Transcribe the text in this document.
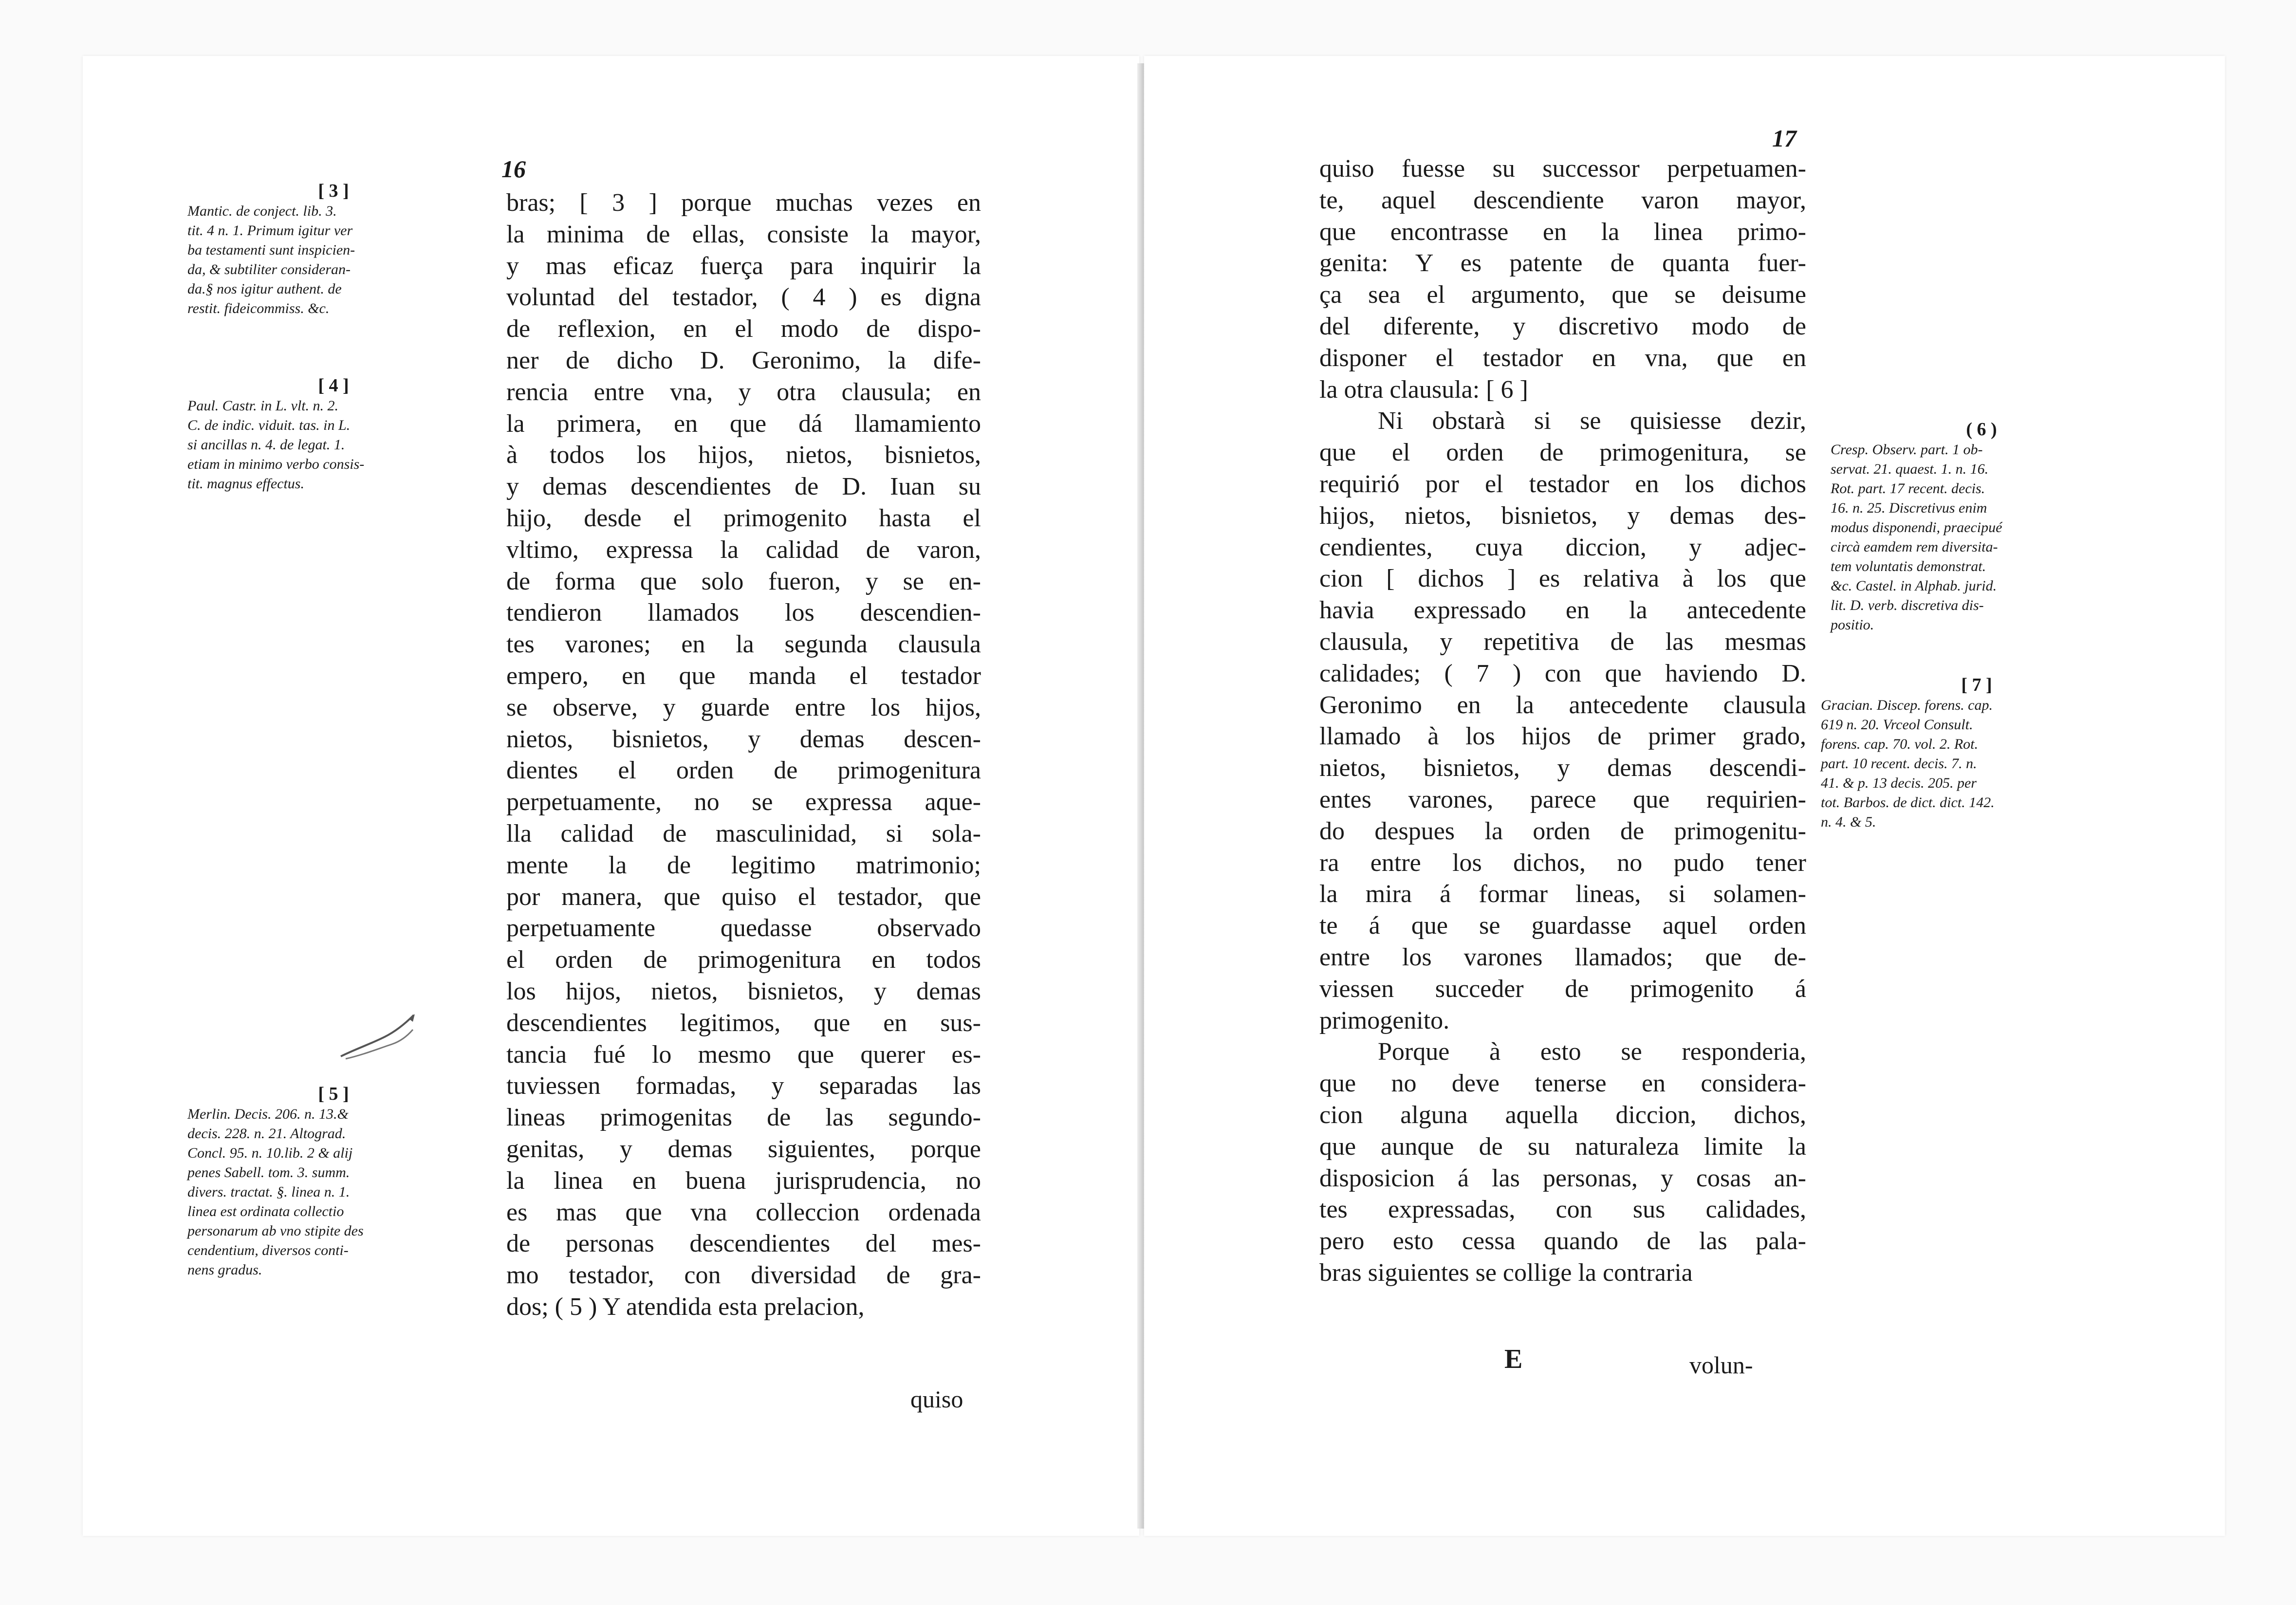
16
[ 3 ]
Mantic. de conject. lib. 3.
tit. 4 n. 1. Primum igitur ver
ba testamenti sunt inspicien-
da, & subtiliter consideran-
da.§ nos igitur authent. de
restit. fideicommiss. &c.
[ 4 ]
Paul. Castr. in L. vlt. n. 2.
C. de indic. viduit. tas. in L.
si ancillas n. 4. de legat. 1.
etiam in minimo verbo consis-
tit. magnus effectus.
[ 5 ]
Merlin. Decis. 206. n. 13.&
decis. 228. n. 21. Altograd.
Concl. 95. n. 10.lib. 2 & alij
penes Sabell. tom. 3. summ.
divers. tractat. §. linea n. 1.
linea est ordinata collectio
personarum ab vno stipite des
cendentium, diversos conti-
nens gradus.
bras; [ 3 ] porque muchas vezes en
la minima de ellas, consiste la mayor,
y mas eficaz fuerça para inquirir la
voluntad del testador, ( 4 ) es digna
de reflexion, en el modo de dispo-
ner de dicho D. Geronimo, la dife-
rencia entre vna, y otra clausula; en
la primera, en que dá llamamiento
à todos los hijos, nietos, bisnietos,
y demas descendientes de D. Iuan su
hijo, desde el primogenito hasta el
vltimo, expressa la calidad de varon,
de forma que solo fueron, y se en-
tendieron llamados los descendien-
tes varones; en la segunda clausula
empero, en que manda el testador
se observe, y guarde entre los hijos,
nietos, bisnietos, y demas descen-
dientes el orden de primogenitura
perpetuamente, no se expressa aque-
lla calidad de masculinidad, si sola-
mente la de legitimo matrimonio;
por manera, que quiso el testador, que
perpetuamente quedasse observado
el orden de primogenitura en todos
los hijos, nietos, bisnietos, y demas
descendientes legitimos, que en sus-
tancia fué lo mesmo que querer es-
tuviessen formadas, y separadas las
lineas primogenitas de las segundo-
genitas, y demas siguientes, porque
la linea en buena jurisprudencia, no
es mas que vna colleccion ordenada
de personas descendientes del mes-
mo testador, con diversidad de gra-
dos; ( 5 ) Y atendida esta prelacion,
quiso
17
quiso fuesse su successor perpetuamen-
te, aquel descendiente varon mayor,
que encontrasse en la linea primo-
genita: Y es patente de quanta fuer-
ça sea el argumento, que se deisume
del diferente, y discretivo modo de
disponer el testador en vna, que en
la otra clausula: [ 6 ]
Ni obstarà si se quisiesse dezir,
que el orden de primogenitura, se
requirió por el testador en los dichos
hijos, nietos, bisnietos, y demas des-
cendientes, cuya diccion, y adjec-
cion [ dichos ] es relativa à los que
havia expressado en la antecedente
clausula, y repetitiva de las mesmas
calidades; ( 7 ) con que haviendo D.
Geronimo en la antecedente clausula
llamado à los hijos de primer grado,
nietos, bisnietos, y demas descendi-
entes varones, parece que requirien-
do despues la orden de primogenitu-
ra entre los dichos, no pudo tener
la mira á formar lineas, si solamen-
te á que se guardasse aquel orden
entre los varones llamados; que de-
viessen succeder de primogenito á
primogenito.
Porque à esto se responderia,
que no deve tenerse en considera-
cion alguna aquella diccion, dichos,
que aunque de su naturaleza limite la
disposicion á las personas, y cosas an-
tes expressadas, con sus calidades,
pero esto cessa quando de las pala-
bras siguientes se collige la contraria
( 6 )
Cresp. Observ. part. 1 ob-
servat. 21. quaest. 1. n. 16.
Rot. part. 17 recent. decis.
16. n. 25. Discretivus enim
modus disponendi, praecipué
circà eamdem rem diversita-
tem voluntatis demonstrat.
&c. Castel. in Alphab. jurid.
lit. D. verb. discretiva dis-
positio.
[ 7 ]
Gracian. Discep. forens. cap.
619 n. 20. Vrceol Consult.
forens. cap. 70. vol. 2. Rot.
part. 10 recent. decis. 7. n.
41. & p. 13 decis. 205. per
tot. Barbos. de dict. dict. 142.
n. 4. & 5.
E	volun-
